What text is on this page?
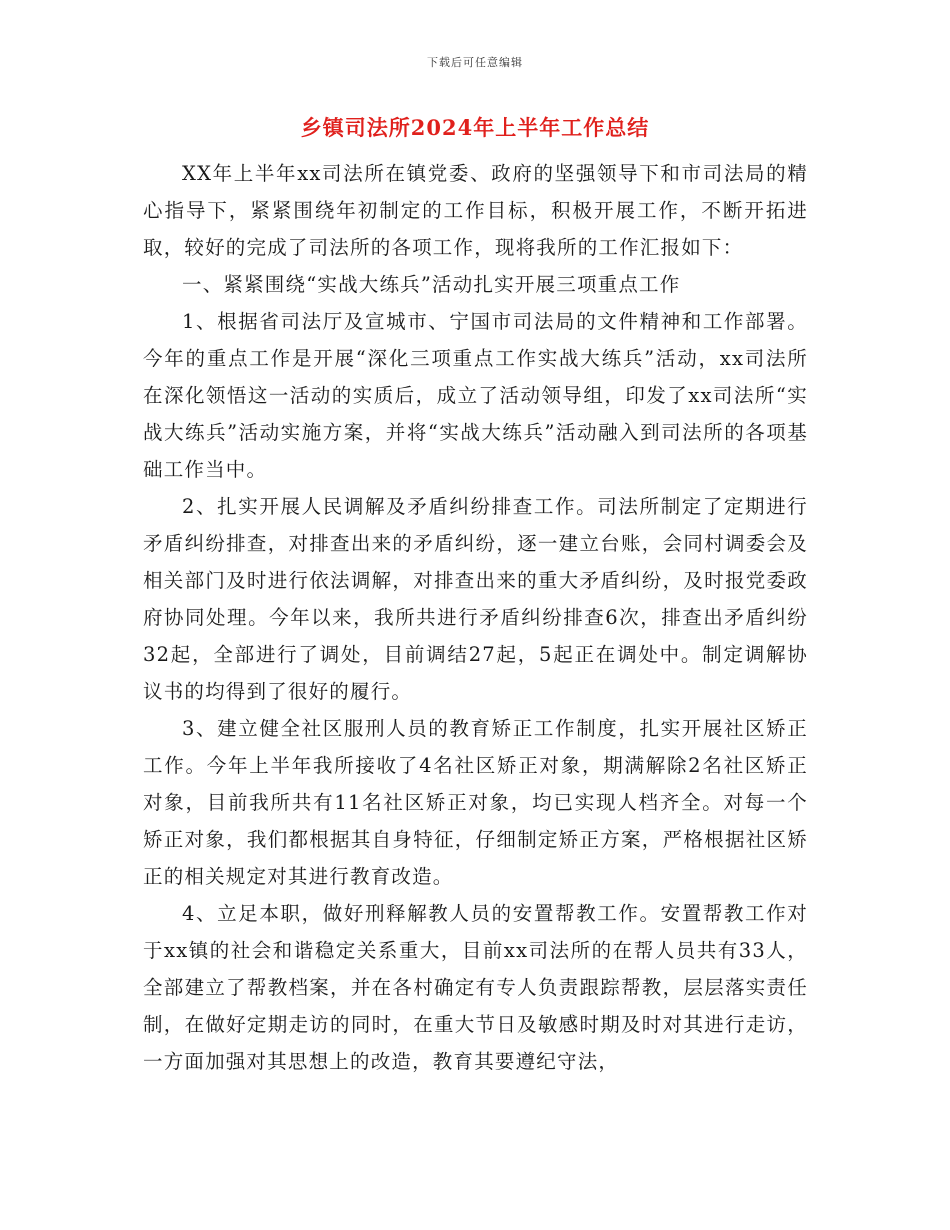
下载后可任意编辑
乡镇司法所2024年上半年工作总结

XX年上半年xx司法所在镇党委、政府的坚强领导下和市司法局的精心指导下，紧紧围绕年初制定的工作目标，积极开展工作，不断开拓进取，较好的完成了司法所的各项工作，现将我所的工作汇报如下：

一、紧紧围绕“实战大练兵”活动扎实开展三项重点工作

1、根据省司法厅及宣城市、宁国市司法局的文件精神和工作部署。今年的重点工作是开展“深化三项重点工作实战大练兵”活动，xx司法所在深化领悟这一活动的实质后，成立了活动领导组，印发了xx司法所“实战大练兵”活动实施方案，并将“实战大练兵”活动融入到司法所的各项基础工作当中。

2、扎实开展人民调解及矛盾纠纷排查工作。司法所制定了定期进行矛盾纠纷排查，对排查出来的矛盾纠纷，逐一建立台账，会同村调委会及相关部门及时进行依法调解，对排查出来的重大矛盾纠纷，及时报党委政府协同处理。今年以来，我所共进行矛盾纠纷排查6次，排查出矛盾纠纷32起，全部进行了调处，目前调结27起，5起正在调处中。制定调解协议书的均得到了很好的履行。

3、建立健全社区服刑人员的教育矫正工作制度，扎实开展社区矫正工作。今年上半年我所接收了4名社区矫正对象，期满解除2名社区矫正对象，目前我所共有11名社区矫正对象，均已实现人档齐全。对每一个矫正对象，我们都根据其自身特征，仔细制定矫正方案，严格根据社区矫正的相关规定对其进行教育改造。

4、立足本职，做好刑释解教人员的安置帮教工作。安置帮教工作对于xx镇的社会和谐稳定关系重大，目前xx司法所的在帮人员共有33人，全部建立了帮教档案，并在各村确定有专人负责跟踪帮教，层层落实责任制，在做好定期走访的同时，在重大节日及敏感时期及时对其进行走访，一方面加强对其思想上的改造，教育其要遵纪守法，
